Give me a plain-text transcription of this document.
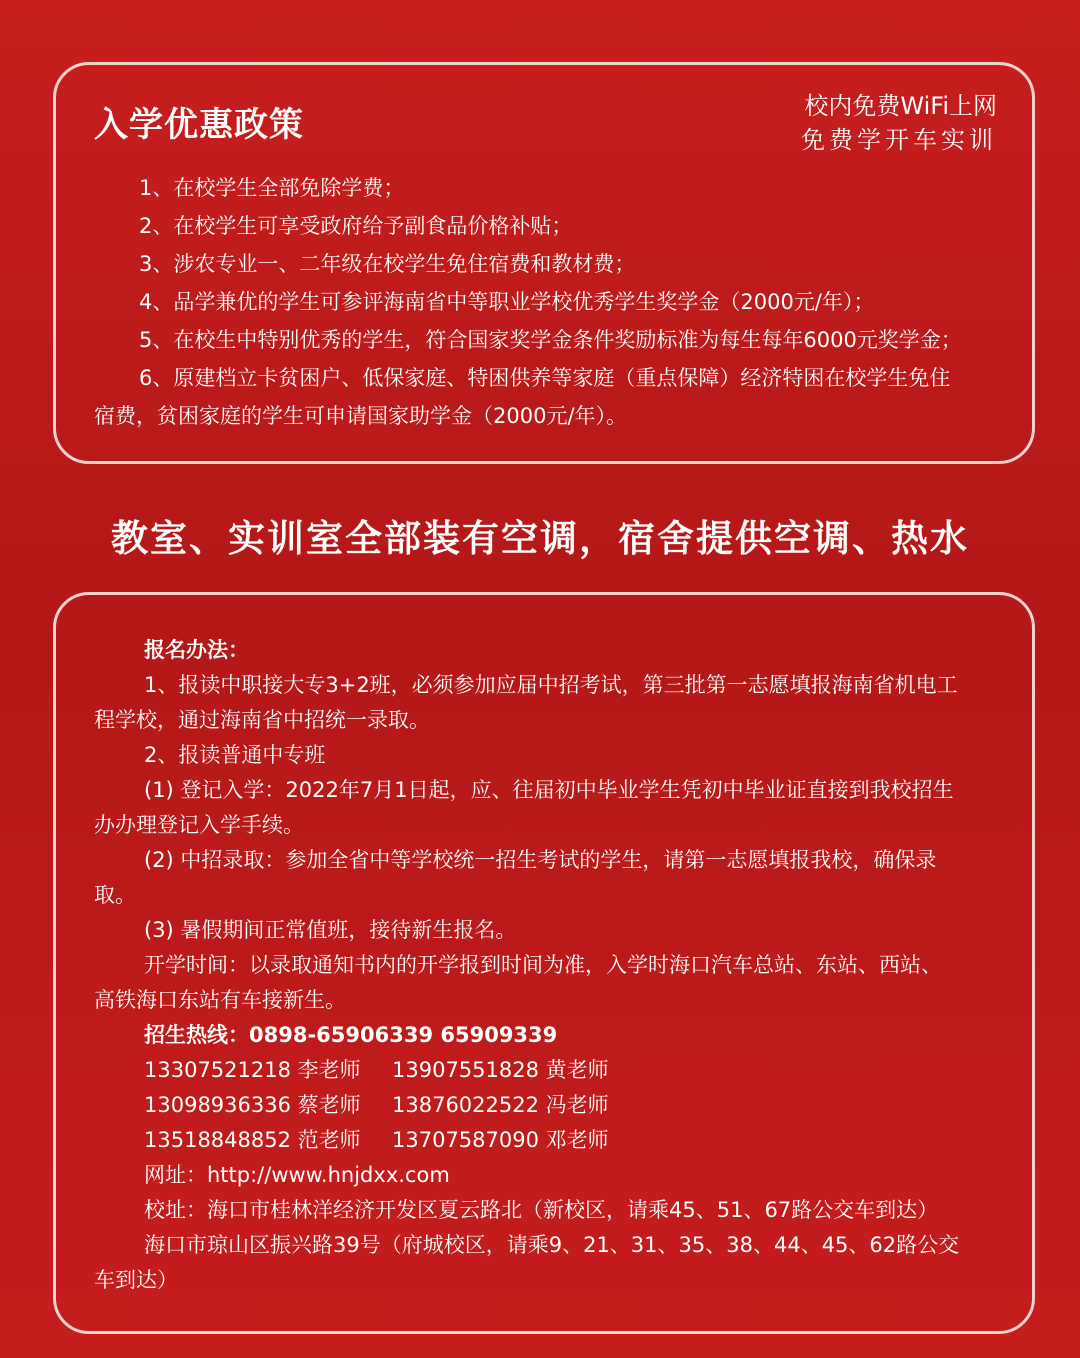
入学优惠政策	校内免费WiFi上网
免费学开车实训
1、在校学生全部免除学费；
2、在校学生可享受政府给予副食品价格补贴；
3、涉农专业一、二年级在校学生免住宿费和教材费；
4、品学兼优的学生可参评海南省中等职业学校优秀学生奖学金（2000元/年）；
5、在校生中特别优秀的学生，符合国家奖学金条件奖励标准为每生每年6000元奖学金；
6、原建档立卡贫困户、低保家庭、特困供养等家庭（重点保障）经济特困在校学生免住
宿费，贫困家庭的学生可申请国家助学金（2000元/年）。
教室、实训室全部装有空调，宿舍提供空调、热水
报名办法：
1、报读中职接大专3+2班，必须参加应届中招考试，第三批第一志愿填报海南省机电工
程学校，通过海南省中招统一录取。
2、报读普通中专班
(1) 登记入学：2022年7月1日起，应、往届初中毕业学生凭初中毕业证直接到我校招生
办办理登记入学手续。
(2) 中招录取：参加全省中等学校统一招生考试的学生，请第一志愿填报我校，确保录
取。
(3) 暑假期间正常值班，接待新生报名。
开学时间：以录取通知书内的开学报到时间为准，入学时海口汽车总站、东站、西站、
高铁海口东站有车接新生。
招生热线：0898-65906339 65909339
13307521218 李老师	13907551828 黄老师
13098936336 蔡老师	13876022522 冯老师
13518848852 范老师	13707587090 邓老师
网址：http://www.hnjdxx.com
校址：海口市桂林洋经济开发区夏云路北（新校区，请乘45、51、67路公交车到达）
海口市琼山区振兴路39号（府城校区，请乘9、21、31、35、38、44、45、62路公交
车到达）
